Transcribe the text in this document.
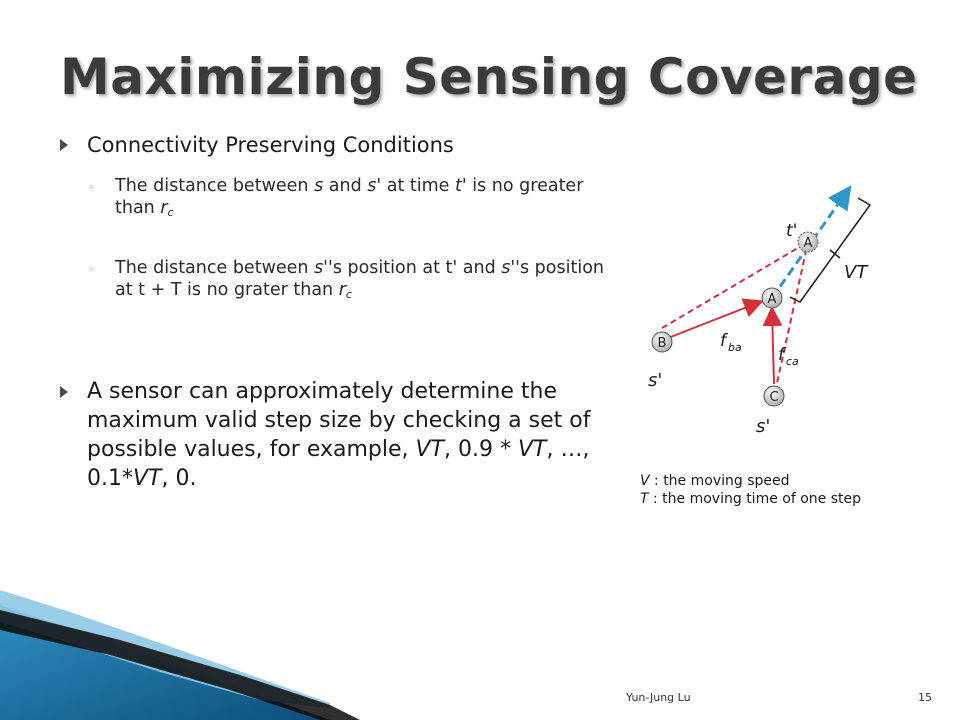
Maximizing Sensing Coverage
Connectivity Preserving Conditions
◦ The distance between s and s' at time t' is no greater than $r_c$
◦ The distance between s''s position at t' and s''s position at t + T is no grater than $r_c$
A sensor can approximately determine the maximum valid step size by checking a set of possible values, for example, VT, 0.9 * VT, …, 0.1*VT, 0.
A
A
B
C
t'
VT
f ba f ca
s'
s'
V : the moving speed
T : the moving time of one step
Yun-Jung Lu	15
